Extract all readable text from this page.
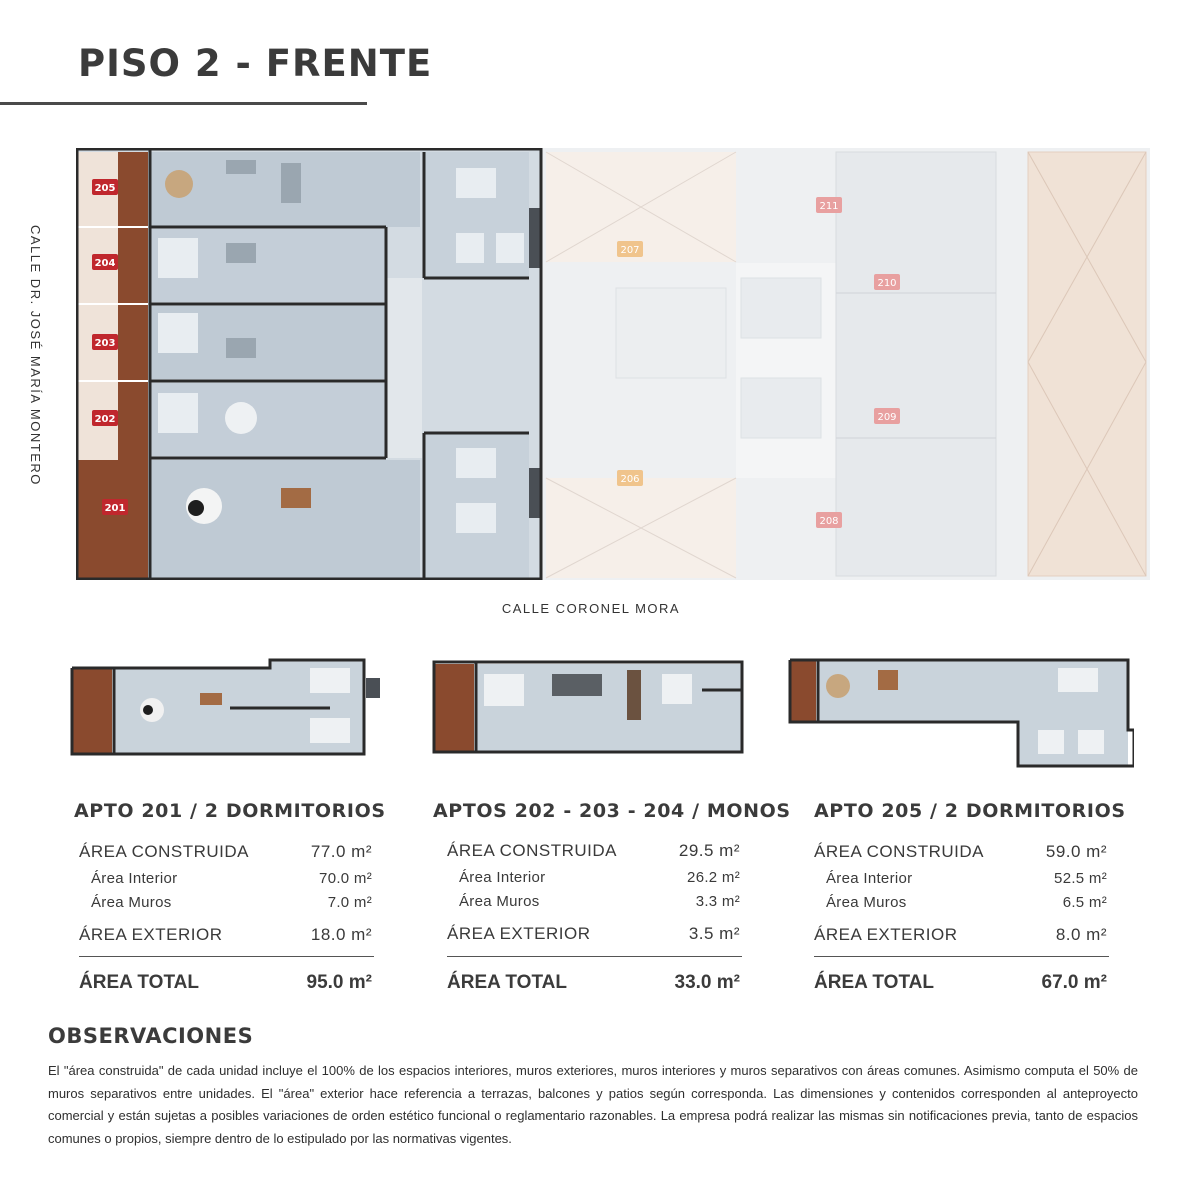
PISO 2 - FRENTE
205
204
203
202
201
211
207
210
209
206
208
CALLE DR. JOSÉ MARÍA MONTERO
CALLE CORONEL MORA
APTO 201 / 2 DORMITORIOS
ÁREA CONSTRUIDA	77.0 m²
Área Interior	70.0 m²
Área Muros	7.0 m²
ÁREA EXTERIOR	18.0 m²
ÁREA TOTAL	95.0 m²
APTOS 202 - 203 - 204 / MONOS
ÁREA CONSTRUIDA	29.5 m²
Área Interior	26.2 m²
Área Muros	3.3 m²
ÁREA EXTERIOR	3.5 m²
ÁREA TOTAL	33.0 m²
APTO 205 / 2 DORMITORIOS
ÁREA CONSTRUIDA	59.0 m²
Área Interior	52.5 m²
Área Muros	6.5 m²
ÁREA EXTERIOR	8.0 m²
ÁREA TOTAL	67.0 m²
OBSERVACIONES
El "área construida" de cada unidad incluye el 100% de los espacios interiores, muros exteriores, muros interiores y muros separativos con áreas comunes. Asimismo computa el 50% de muros separativos entre unidades. El "área" exterior hace referencia a terrazas, balcones y patios según corresponda. Las dimensiones y contenidos corresponden al anteproyecto comercial y están sujetas a posibles variaciones de orden estético funcional o reglamentario razonables. La empresa podrá realizar las mismas sin notificaciones previa, tanto de espacios comunes o propios, siempre dentro de lo estipulado por las normativas vigentes.
